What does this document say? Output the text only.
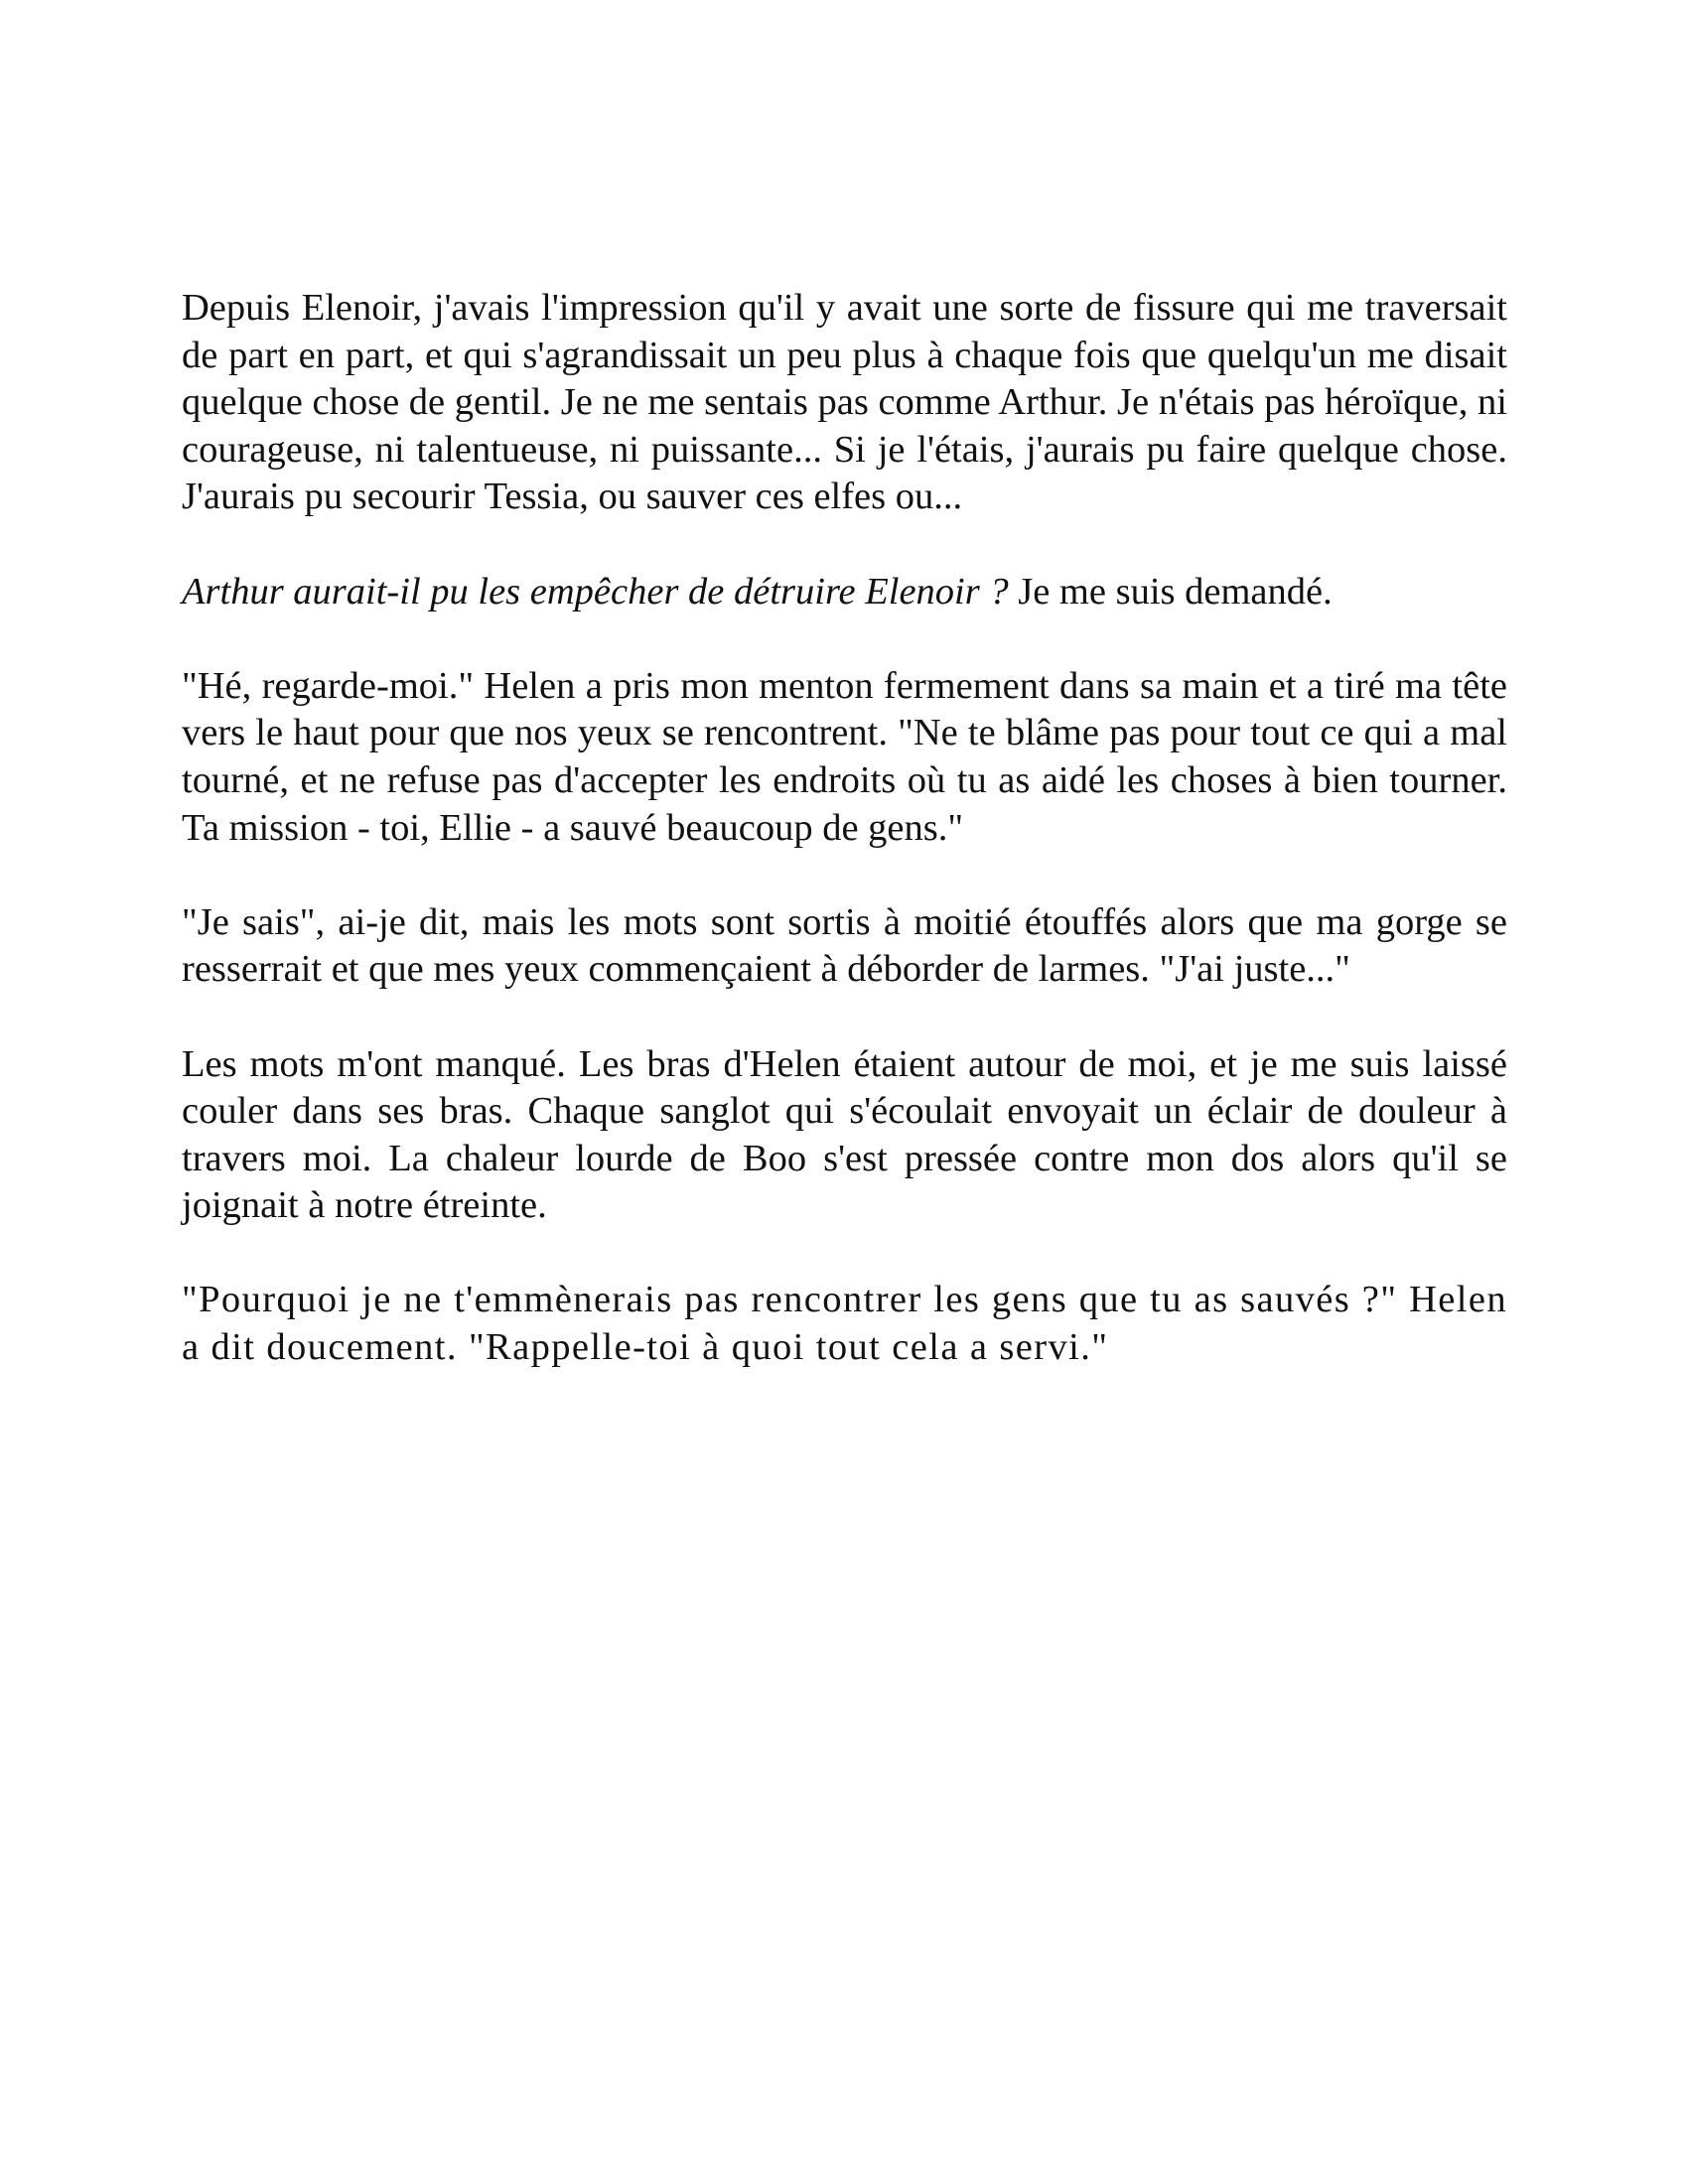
Depuis Elenoir, j'avais l'impression qu'il y avait une sorte de fissure qui me traversait de part en part, et qui s'agrandissait un peu plus à chaque fois que quelqu'un me disait quelque chose de gentil. Je ne me sentais pas comme Arthur. Je n'étais pas héroïque, ni courageuse, ni talentueuse, ni puissante... Si je l'étais, j'aurais pu faire quelque chose. J'aurais pu secourir Tessia, ou sauver ces elfes ou...

Arthur aurait-il pu les empêcher de détruire Elenoir ? Je me suis demandé.

"Hé, regarde-moi." Helen a pris mon menton fermement dans sa main et a tiré ma tête vers le haut pour que nos yeux se rencontrent. "Ne te blâme pas pour tout ce qui a mal tourné, et ne refuse pas d'accepter les endroits où tu as aidé les choses à bien tourner. Ta mission - toi, Ellie - a sauvé beaucoup de gens."

"Je sais", ai-je dit, mais les mots sont sortis à moitié étouffés alors que ma gorge se resserrait et que mes yeux commençaient à déborder de larmes. "J'ai juste..."

Les mots m'ont manqué. Les bras d'Helen étaient autour de moi, et je me suis laissé couler dans ses bras. Chaque sanglot qui s'écoulait envoyait un éclair de douleur à travers moi. La chaleur lourde de Boo s'est pressée contre mon dos alors qu'il se joignait à notre étreinte.

"Pourquoi je ne t'emmènerais pas rencontrer les gens que tu as sauvés ?" Helen a dit doucement. "Rappelle-toi à quoi tout cela a servi."
